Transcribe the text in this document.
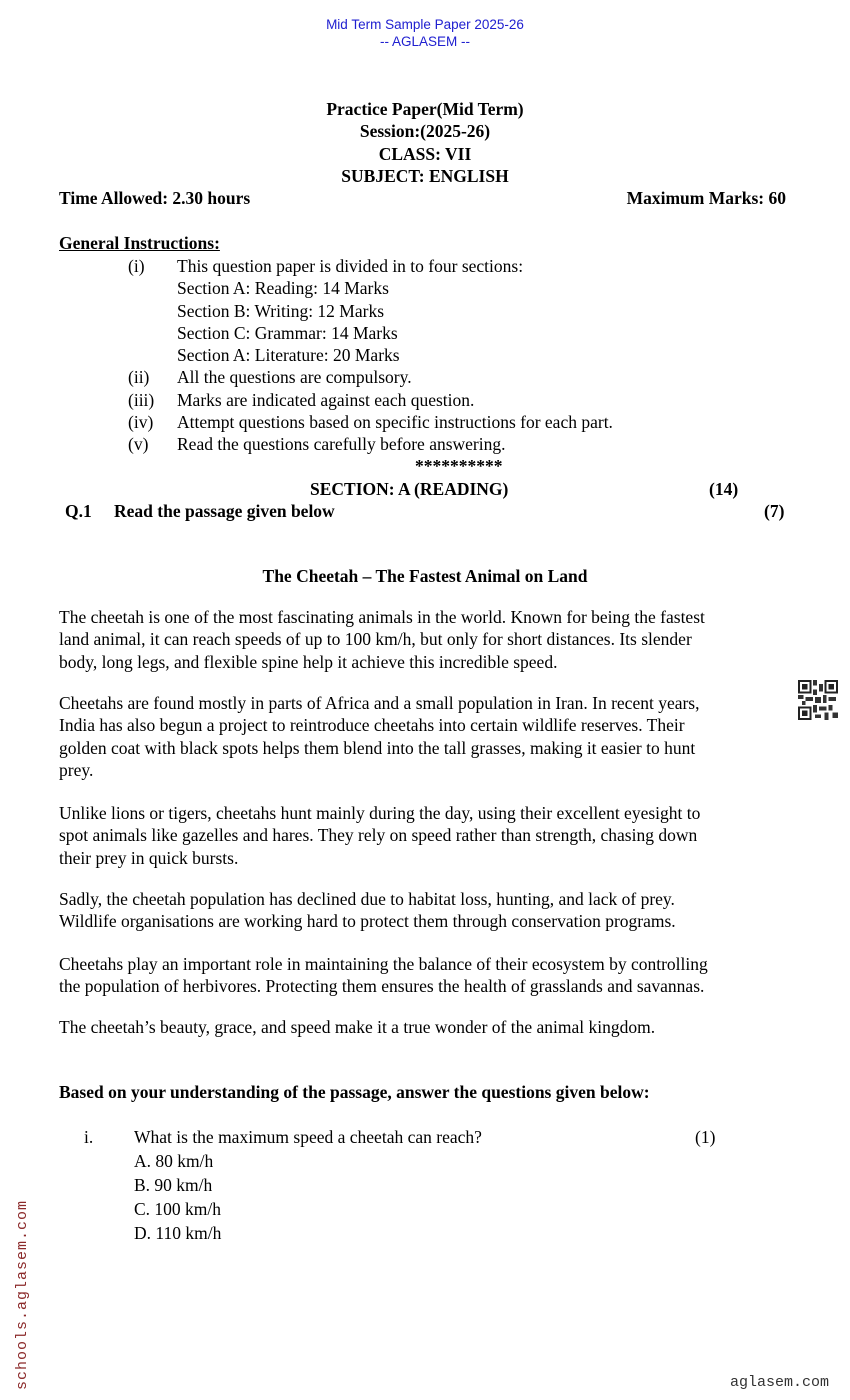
Mid Term Sample Paper 2025-26
-- AGLASEM --
Practice Paper(Mid Term)
Session:(2025-26)
CLASS: VII
SUBJECT: ENGLISH
Time Allowed: 2.30 hours	Maximum Marks: 60
General Instructions:
(i) This question paper is divided in to four sections:
Section A: Reading: 14 Marks
Section B: Writing: 12 Marks
Section C: Grammar: 14 Marks
Section A: Literature: 20 Marks
(ii) All the questions are compulsory.
(iii) Marks are indicated against each question.
(iv) Attempt questions based on specific instructions for each part.
(v) Read the questions carefully before answering.
**********
SECTION: A (READING)	(14)
Q.1 Read the passage given below	(7)
The Cheetah – The Fastest Animal on Land
The cheetah is one of the most fascinating animals in the world. Known for being the fastest
land animal, it can reach speeds of up to 100 km/h, but only for short distances. Its slender
body, long legs, and flexible spine help it achieve this incredible speed.
Cheetahs are found mostly in parts of Africa and a small population in Iran. In recent years,
India has also begun a project to reintroduce cheetahs into certain wildlife reserves. Their
golden coat with black spots helps them blend into the tall grasses, making it easier to hunt
prey.
Unlike lions or tigers, cheetahs hunt mainly during the day, using their excellent eyesight to
spot animals like gazelles and hares. They rely on speed rather than strength, chasing down
their prey in quick bursts.
Sadly, the cheetah population has declined due to habitat loss, hunting, and lack of prey.
Wildlife organisations are working hard to protect them through conservation programs.
Cheetahs play an important role in maintaining the balance of their ecosystem by controlling
the population of herbivores. Protecting them ensures the health of grasslands and savannas.
The cheetah’s beauty, grace, and speed make it a true wonder of the animal kingdom.
Based on your understanding of the passage, answer the questions given below:
i. What is the maximum speed a cheetah can reach?	(1)
A. 80 km/h
B. 90 km/h
C. 100 km/h
D. 110 km/h
schools.aglasem.com	aglasem.com
